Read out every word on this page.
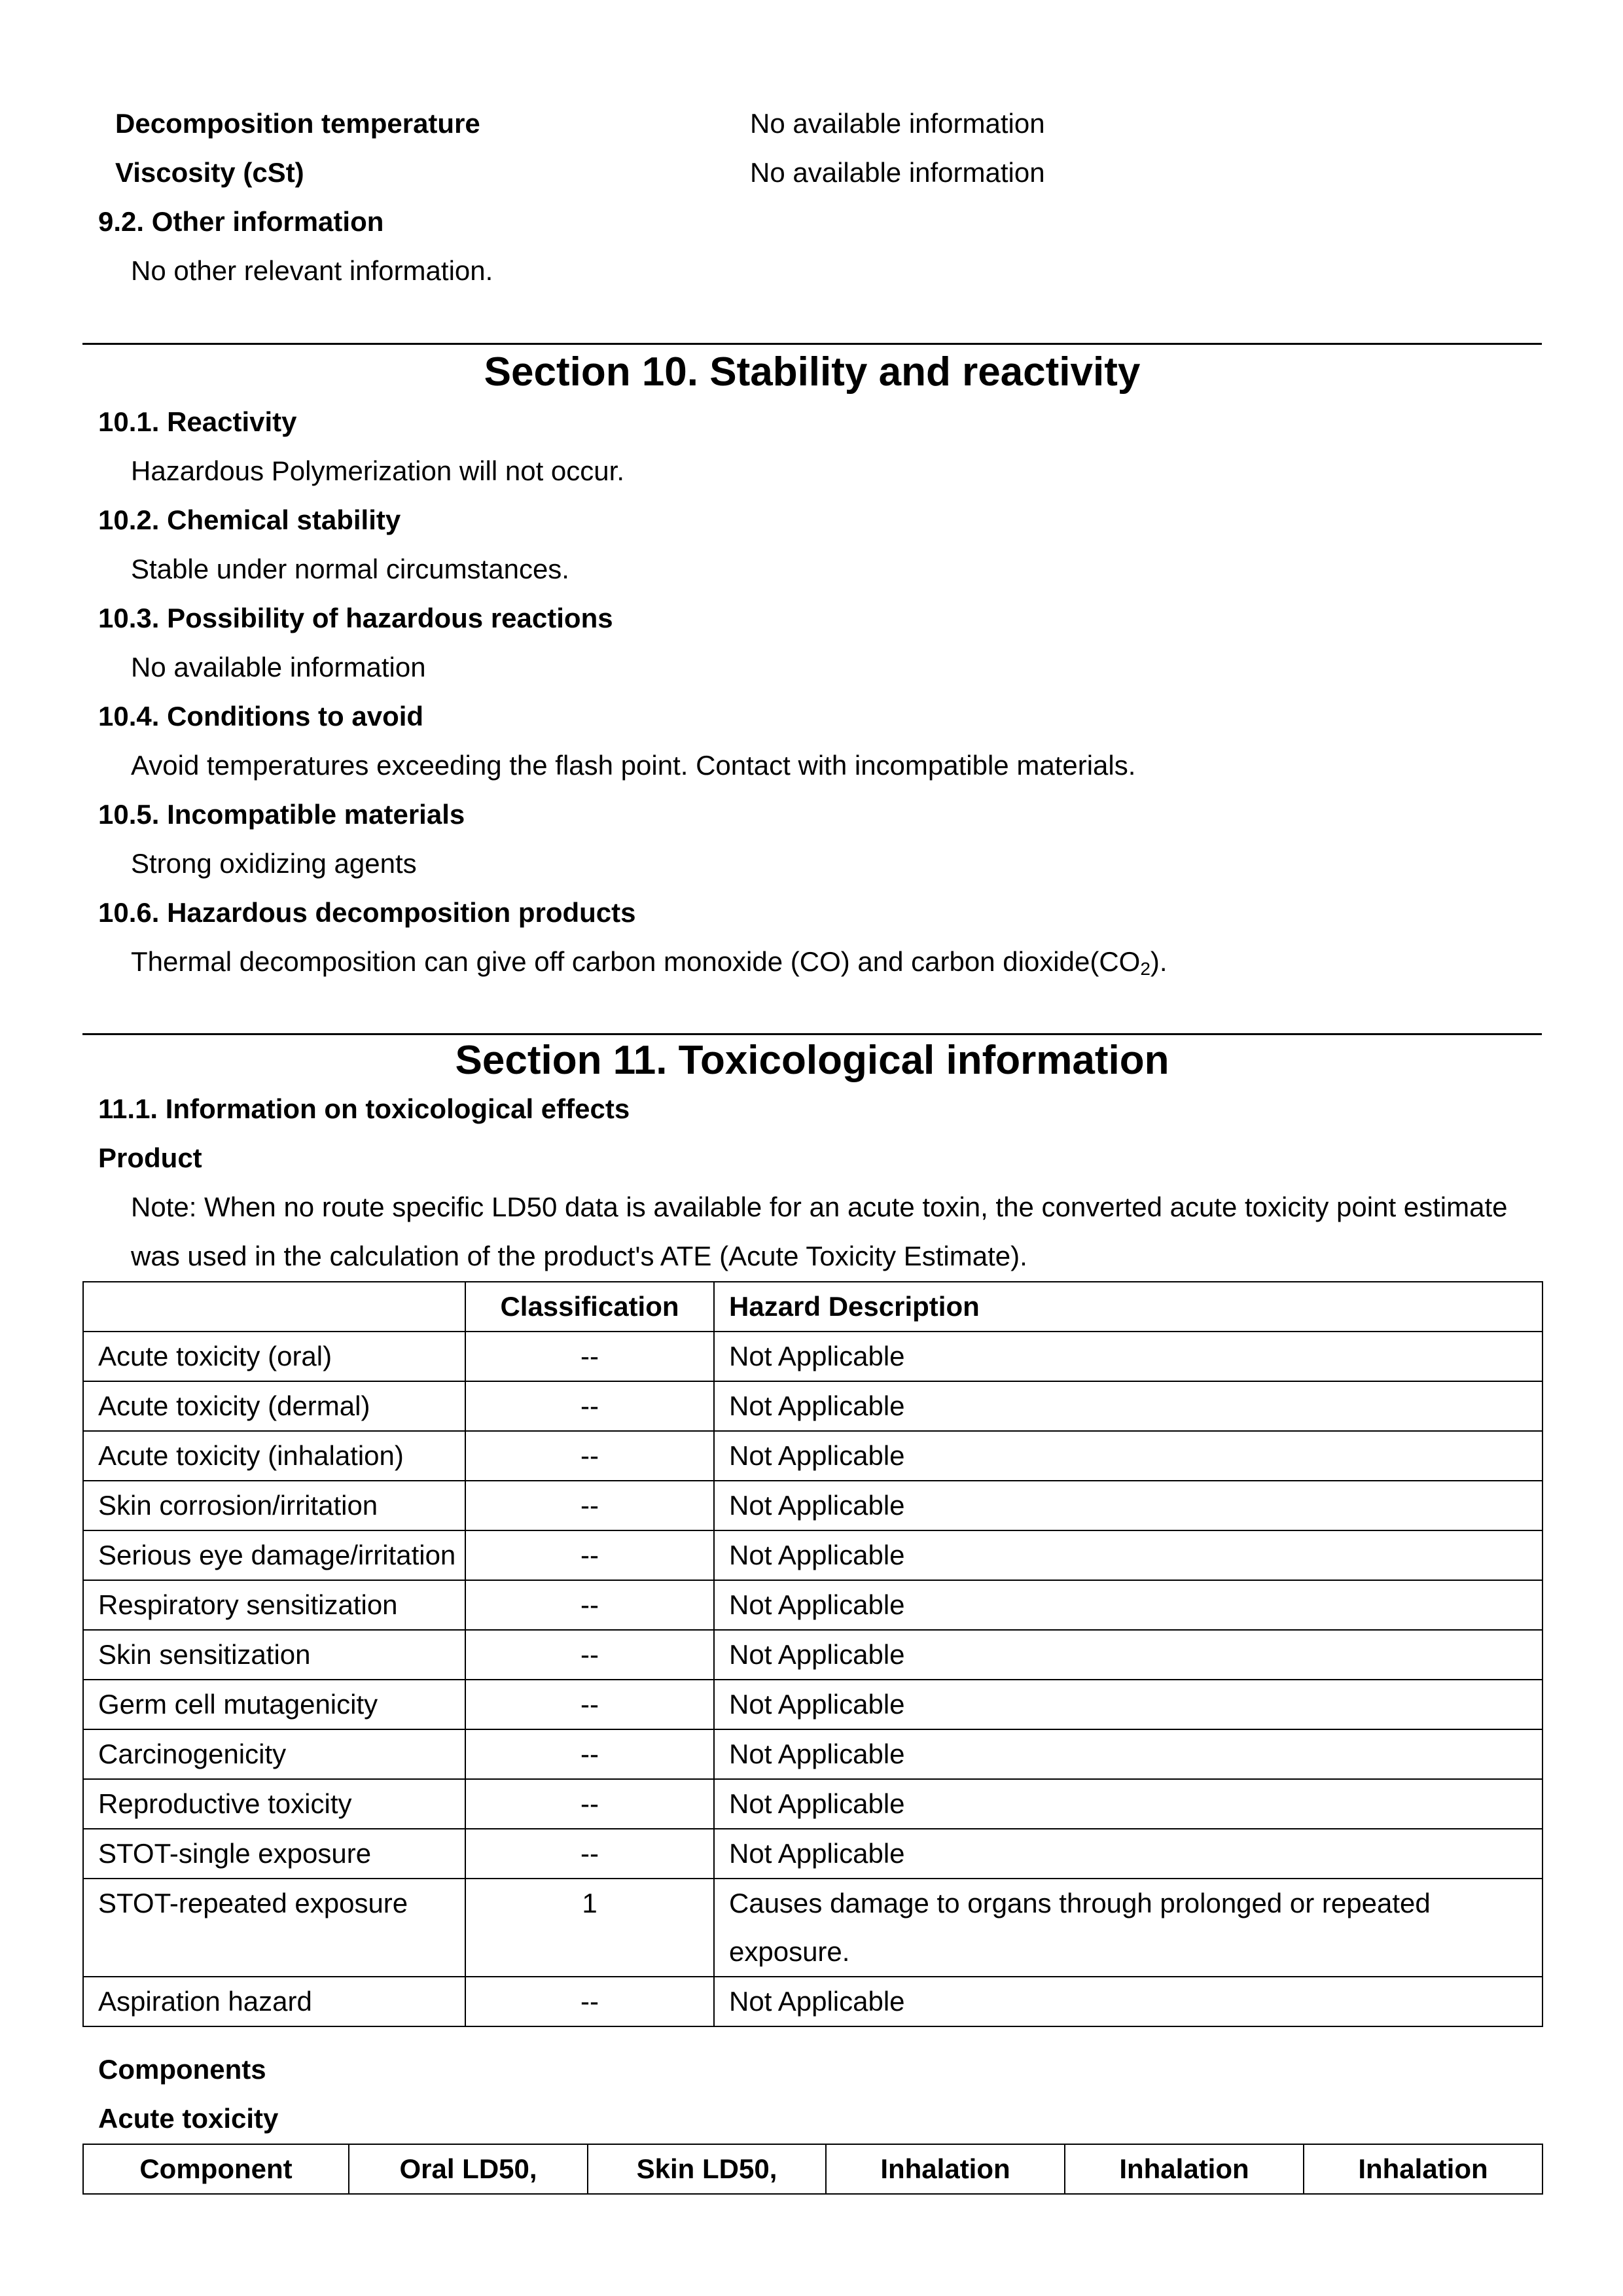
Decomposition temperature	No available information
Viscosity (cSt)	No available information
9.2. Other information
No other relevant information.
Section 10. Stability and reactivity
10.1. Reactivity
Hazardous Polymerization will not occur.
10.2. Chemical stability
Stable under normal circumstances.
10.3. Possibility of hazardous reactions
No available information
10.4. Conditions to avoid
Avoid temperatures exceeding the flash point. Contact with incompatible materials.
10.5. Incompatible materials
Strong oxidizing agents
10.6. Hazardous decomposition products
Thermal decomposition can give off carbon monoxide (CO) and carbon $dioxide(CO_2)$.
Section 11. Toxicological information
11.1. Information on toxicological effects
Product
Note: When no route specific LD50 data is available for an acute toxin, the converted acute toxicity point estimate
was used in the calculation of the product's ATE (Acute Toxicity Estimate).
	Classification	Hazard Description
Acute toxicity (oral)	--	Not Applicable
Acute toxicity (dermal)	--	Not Applicable
Acute toxicity (inhalation)	--	Not Applicable
Skin corrosion/irritation	--	Not Applicable
Serious eye damage/irritation	--	Not Applicable
Respiratory sensitization	--	Not Applicable
Skin sensitization	--	Not Applicable
Germ cell mutagenicity	--	Not Applicable
Carcinogenicity	--	Not Applicable
Reproductive toxicity	--	Not Applicable
STOT-single exposure	--	Not Applicable
STOT-repeated exposure	1	Causes damage to organs through prolonged or repeated exposure.
Aspiration hazard	--	Not Applicable
Components
Acute toxicity
Component	Oral LD50,	Skin LD50,	Inhalation	Inhalation	Inhalation
